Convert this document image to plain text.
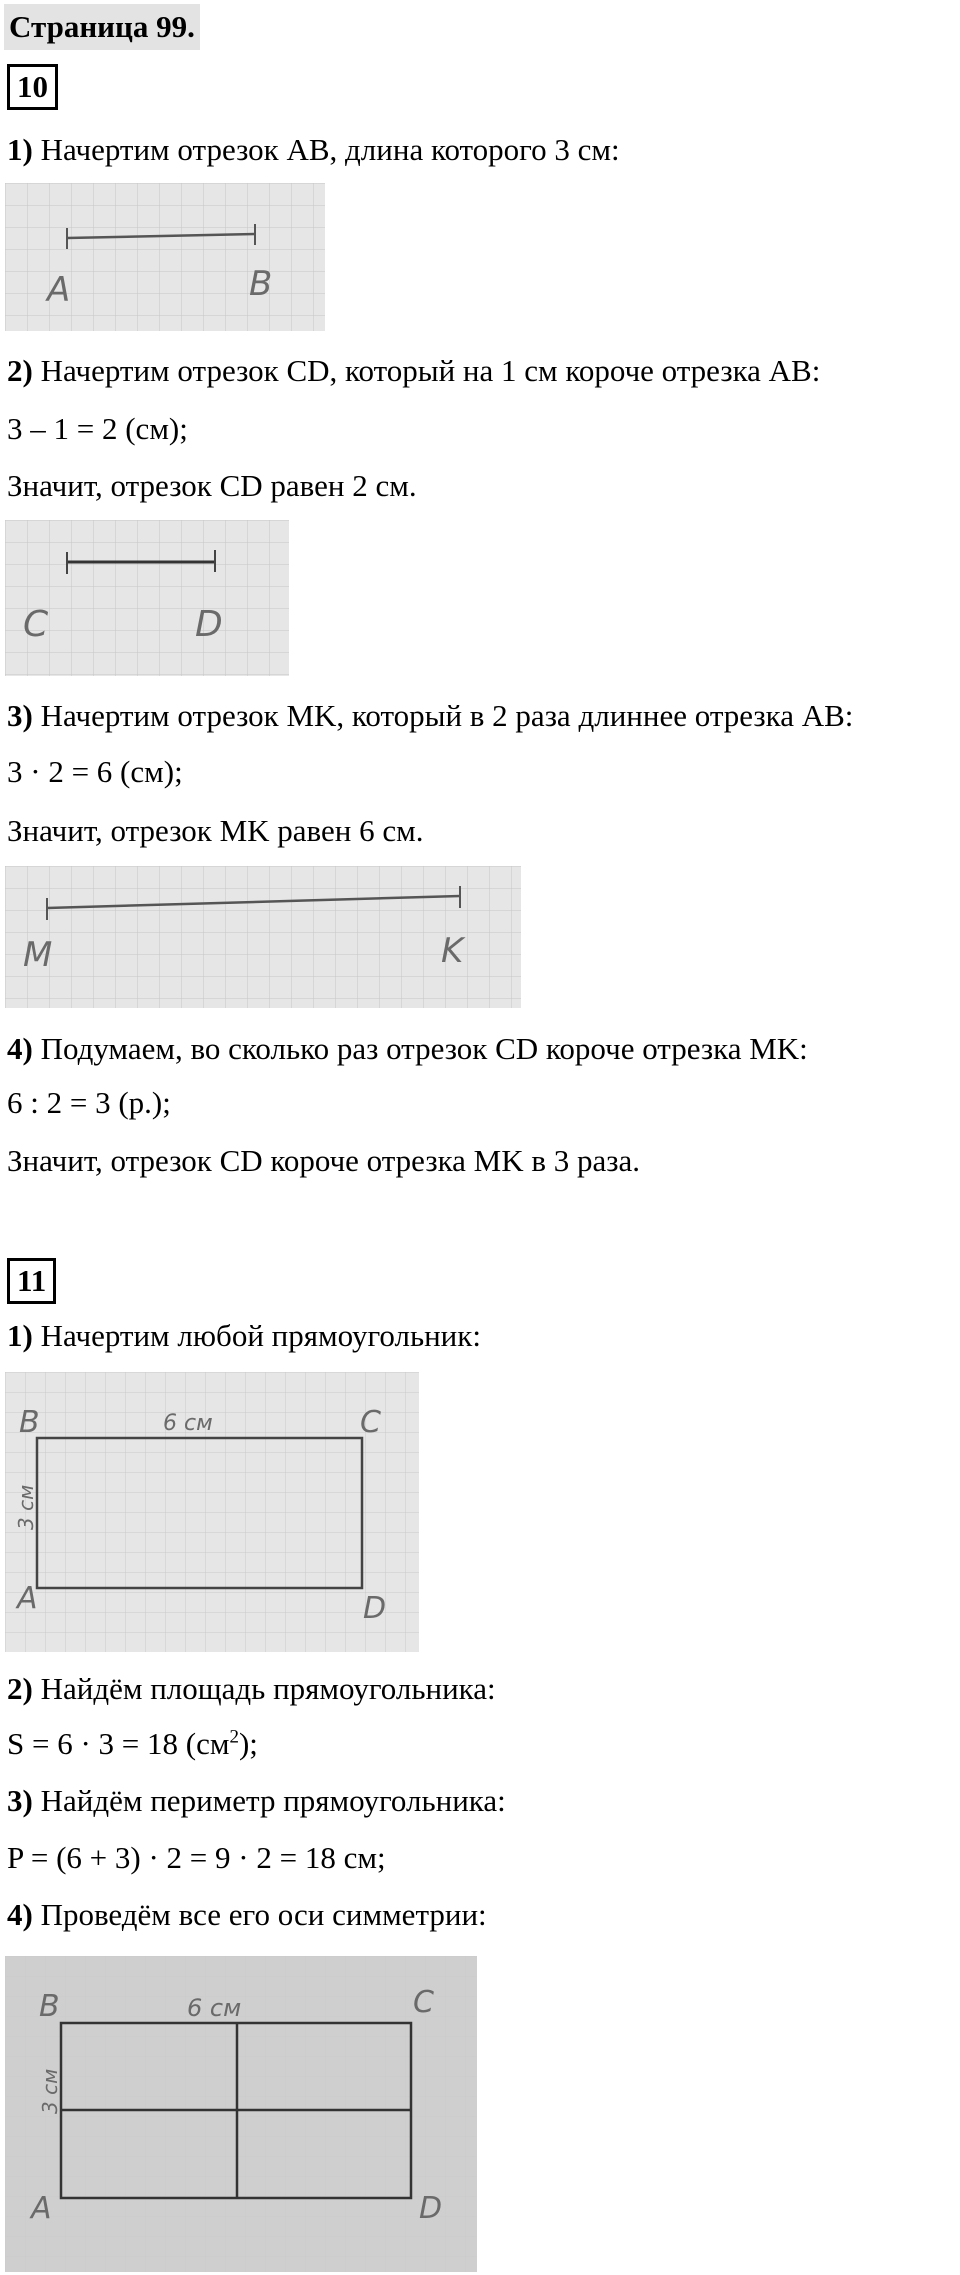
Страница 99.
10
1) Начертим отрезок AB, длина которого 3 см:
A	B
2) Начертим отрезок CD, который на 1 см короче отрезка AB:
3 – 1 = 2 (см);
Значит, отрезок CD равен 2 см.
C	D
3) Начертим отрезок MK, который в 2 раза длиннее отрезка AB:
3 · 2 = 6 (см);
Значит, отрезок MK равен 6 см.
M	K
4) Подумаем, во сколько раз отрезок CD короче отрезка MK:
6 : 2 = 3 (р.);
Значит, отрезок CD короче отрезка MK в 3 раза.
11
1) Начертим любой прямоугольник:
B	C
A	D
6 см
3 см
2) Найдём площадь прямоугольника:
S = 6 · 3 = 18 $(см^2)$;
3) Найдём периметр прямоугольника:
P = (6 + 3) · 2 = 9 · 2 = 18 см;
4) Проведём все его оси симметрии:
B	C
A	D
6 см
3 см
